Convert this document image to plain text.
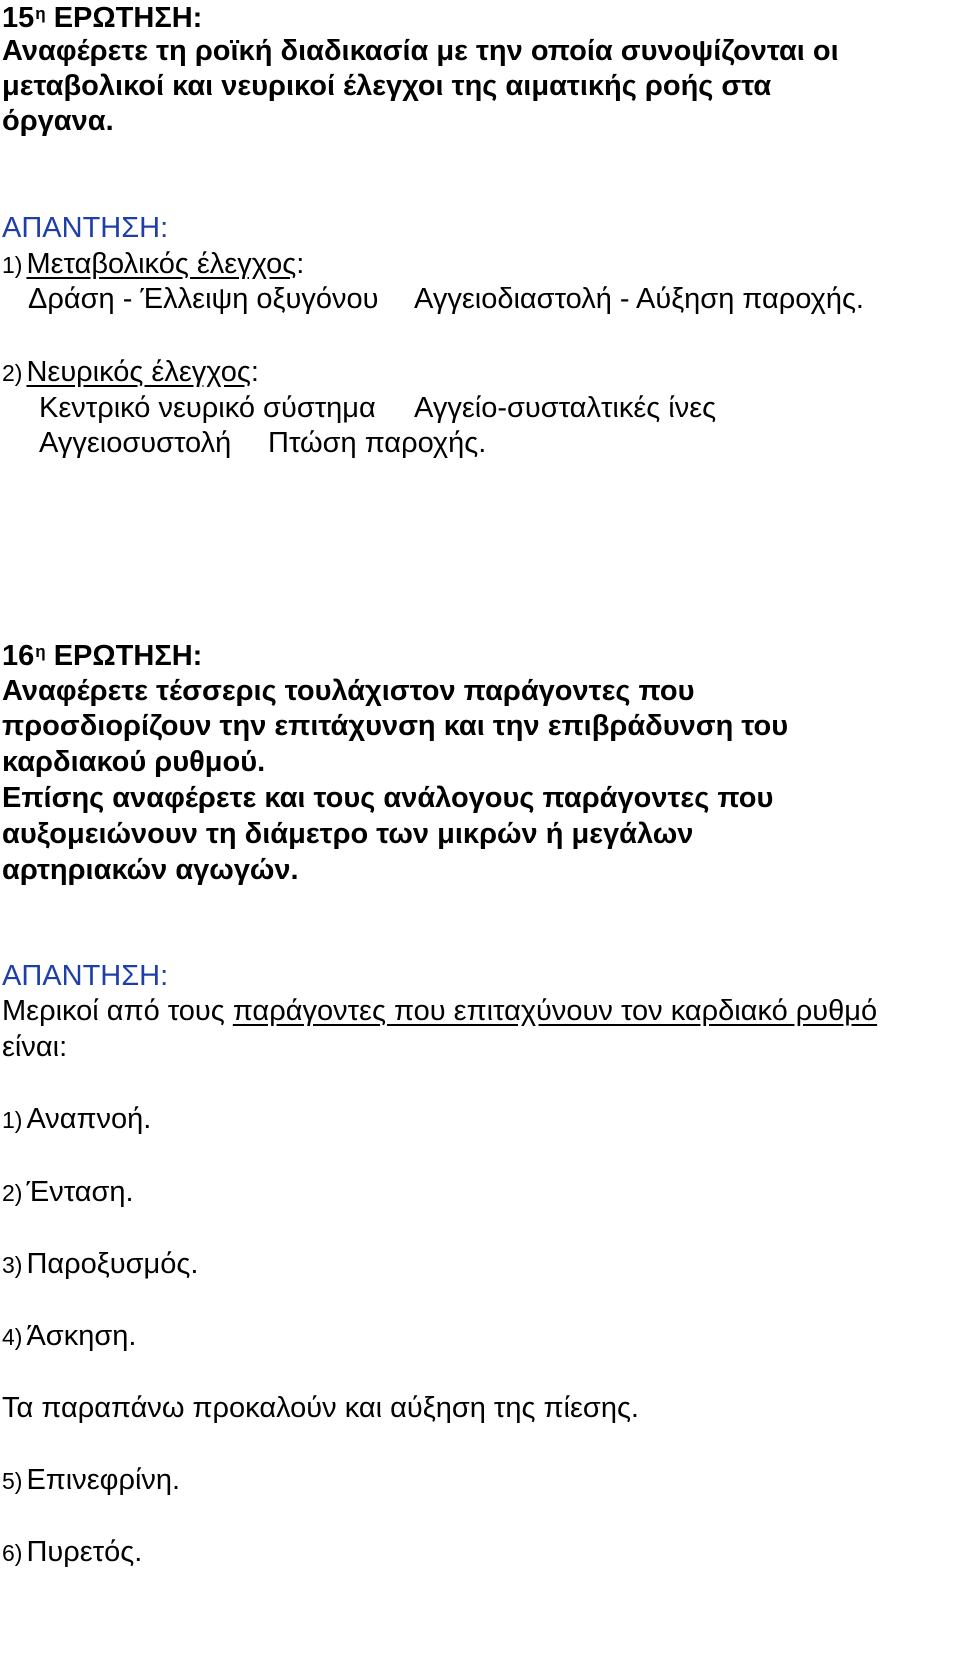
$15^\eta$ ΕΡΩΤΗΣΗ:
Αναφέρετε τη ροϊκή διαδικασία με την οποία συνοψίζονται οι
μεταβολικοί και νευρικοί έλεγχοι της αιματικής ροής στα
όργανα.
ΑΠΑΝΤΗΣΗ:
1) Μεταβολικός έλεγχος:
Δράση - Έλλειψη οξυγόνου Αγγειοδιαστολή - Αύξηση παροχής.
2) Νευρικός έλεγχος:
Κεντρικό νευρικό σύστημα Αγγείο-συσταλτικές ίνες
Αγγειοσυστολή Πτώση παροχής.
$16^\eta$ ΕΡΩΤΗΣΗ:
Αναφέρετε τέσσερις τουλάχιστον παράγοντες που
προσδιορίζουν την επιτάχυνση και την επιβράδυνση του
καρδιακού ρυθμού.
Επίσης αναφέρετε και τους ανάλογους παράγοντες που
αυξομειώνουν τη διάμετρο των μικρών ή μεγάλων
αρτηριακών αγωγών.
ΑΠΑΝΤΗΣΗ:
Μερικοί από τους παράγοντες που επιταχύνουν τον καρδιακό ρυθμό
είναι:
1) Αναπνοή.
2) Ένταση.
3) Παροξυσμός.
4) Άσκηση.
Τα παραπάνω προκαλούν και αύξηση της πίεσης.
5) Επινεφρίνη.
6) Πυρετός.
